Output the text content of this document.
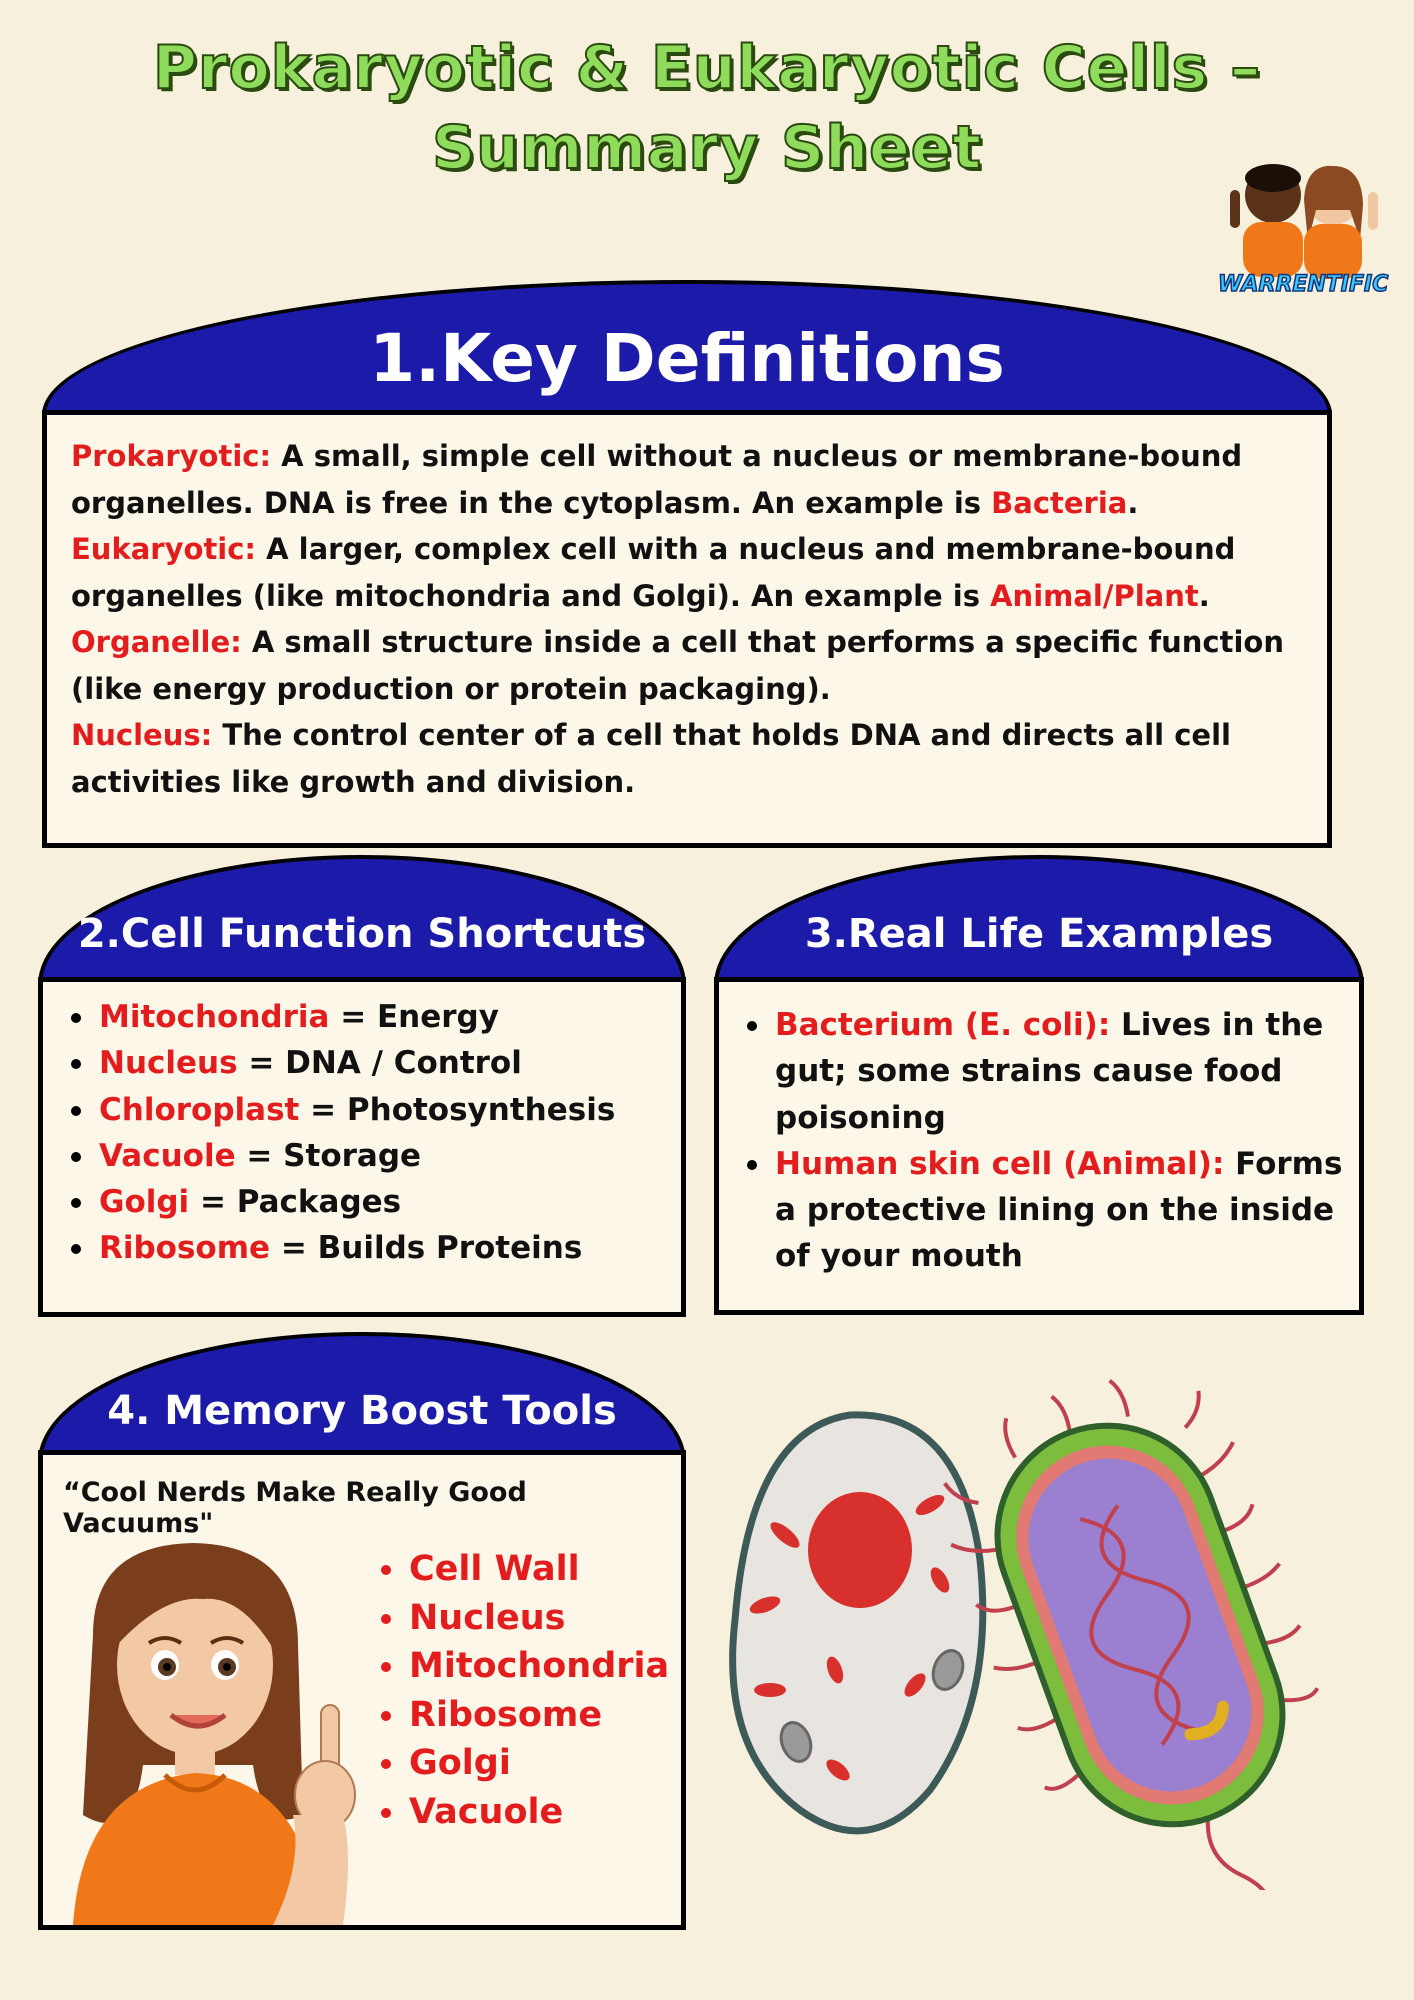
Prokaryotic & Eukaryotic Cells – Summary Sheet
WARRENTIFIC
1.Key Definitions
Prokaryotic: A small, simple cell without a nucleus or membrane-bound organelles. DNA is free in the cytoplasm. An example is Bacteria.
Eukaryotic: A larger, complex cell with a nucleus and membrane-bound organelles (like mitochondria and Golgi). An example is Animal/Plant.
Organelle: A small structure inside a cell that performs a specific function (like energy production or protein packaging).
Nucleus: The control center of a cell that holds DNA and directs all cell activities like growth and division.
2.Cell Function Shortcuts
Mitochondria = Energy
Nucleus = DNA / Control
Chloroplast = Photosynthesis
Vacuole = Storage
Golgi = Packages
Ribosome = Builds Proteins
3.Real Life Examples
Bacterium (E. coli): Lives in the gut; some strains cause food poisoning
Human skin cell (Animal): Forms a protective lining on the inside of your mouth
4. Memory Boost Tools
“Cool Nerds Make Really Good Vacuums"
Cell Wall
Nucleus
Mitochondria
Ribosome
Golgi
Vacuole
